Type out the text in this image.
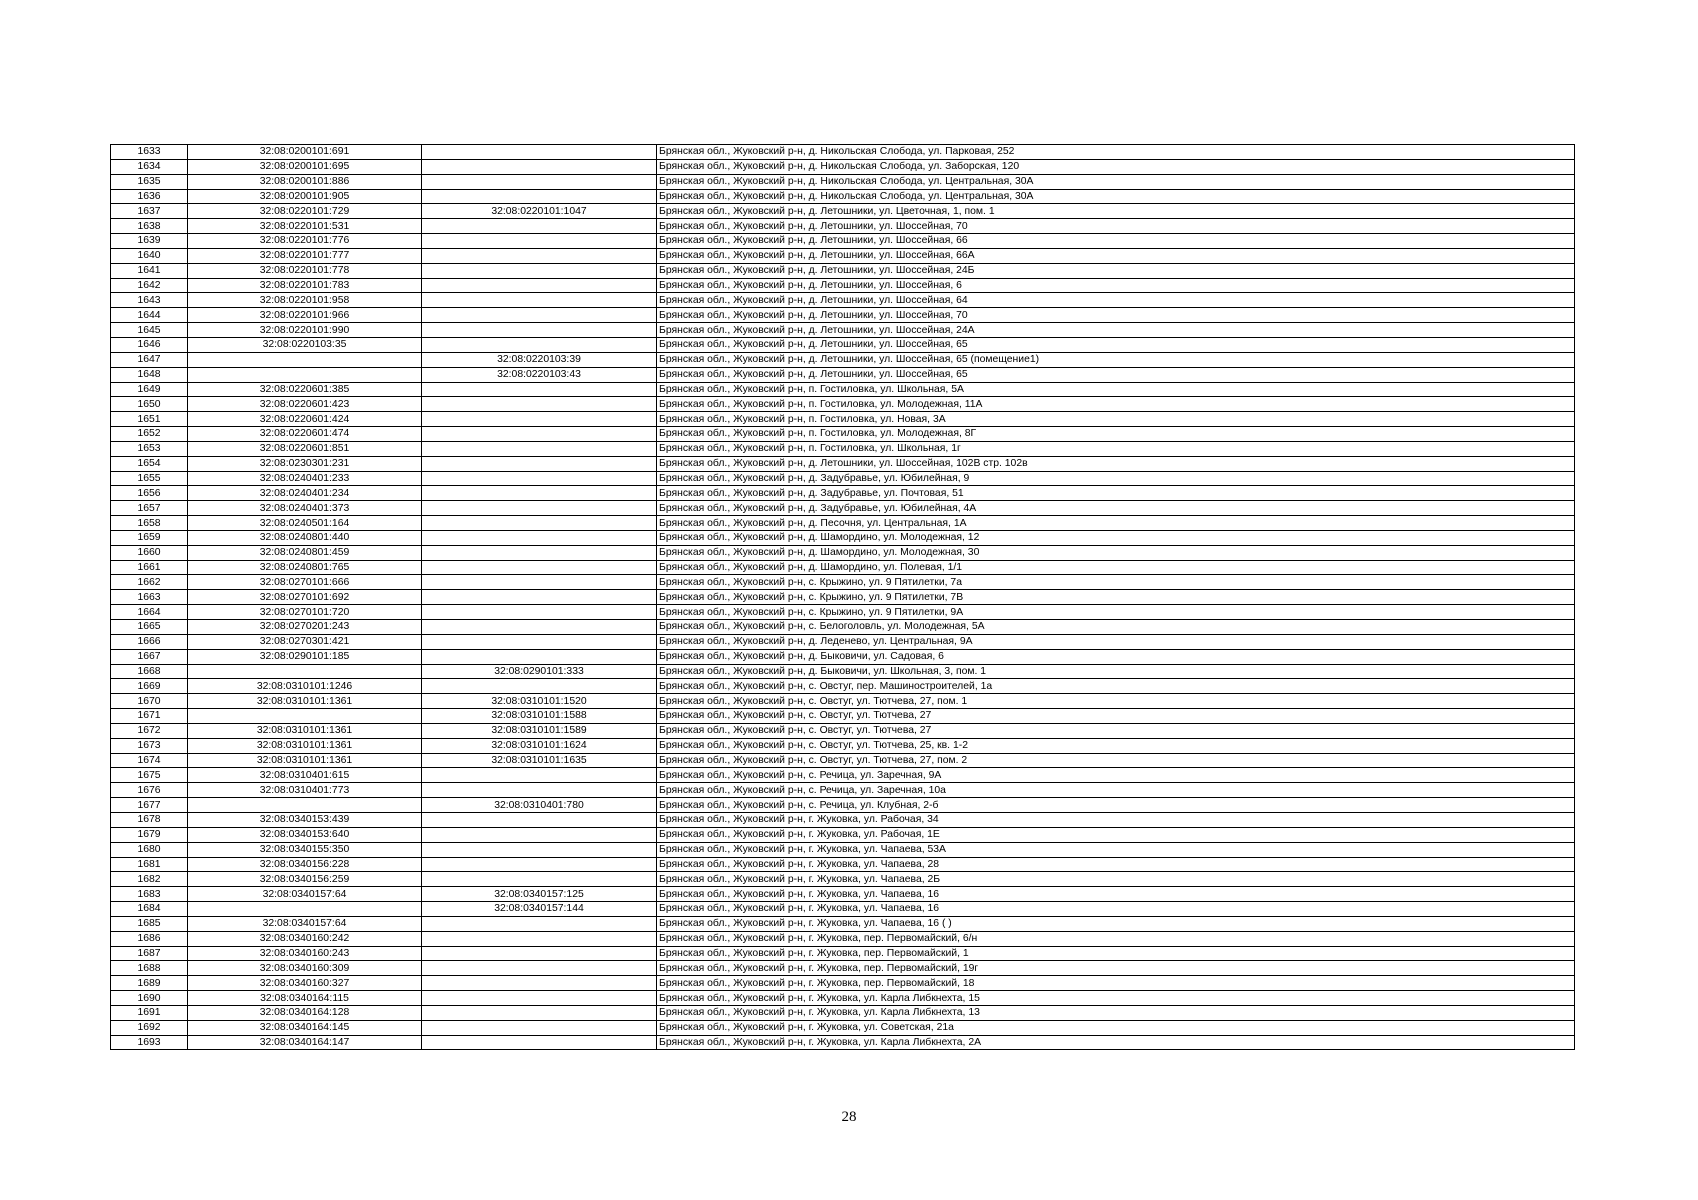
1633	32:08:0200101:691		Брянская обл., Жуковский р-н, д. Никольская Слобода, ул. Парковая, 252
1634	32:08:0200101:695		Брянская обл., Жуковский р-н, д. Никольская Слобода, ул. Заборская, 120
1635	32:08:0200101:886		Брянская обл., Жуковский р-н, д. Никольская Слобода, ул. Центральная, 30А
1636	32:08:0200101:905		Брянская обл., Жуковский р-н, д. Никольская Слобода, ул. Центральная, 30А
1637	32:08:0220101:729	32:08:0220101:1047	Брянская обл., Жуковский р-н, д. Летошники, ул. Цветочная, 1, пом. 1
1638	32:08:0220101:531		Брянская обл., Жуковский р-н, д. Летошники, ул. Шоссейная, 70
1639	32:08:0220101:776		Брянская обл., Жуковский р-н, д. Летошники, ул. Шоссейная, 66
1640	32:08:0220101:777		Брянская обл., Жуковский р-н, д. Летошники, ул. Шоссейная, 66А
1641	32:08:0220101:778		Брянская обл., Жуковский р-н, д. Летошники, ул. Шоссейная, 24Б
1642	32:08:0220101:783		Брянская обл., Жуковский р-н, д. Летошники, ул. Шоссейная, 6
1643	32:08:0220101:958		Брянская обл., Жуковский р-н, д. Летошники, ул. Шоссейная, 64
1644	32:08:0220101:966		Брянская обл., Жуковский р-н, д. Летошники, ул. Шоссейная, 70
1645	32:08:0220101:990		Брянская обл., Жуковский р-н, д. Летошники, ул. Шоссейная, 24А
1646	32:08:0220103:35		Брянская обл., Жуковский р-н, д. Летошники, ул. Шоссейная, 65
1647		32:08:0220103:39	Брянская обл., Жуковский р-н, д. Летошники, ул. Шоссейная, 65 (помещение1)
1648		32:08:0220103:43	Брянская обл., Жуковский р-н, д. Летошники, ул. Шоссейная, 65
1649	32:08:0220601:385		Брянская обл., Жуковский р-н, п. Гостиловка, ул. Школьная, 5А
1650	32:08:0220601:423		Брянская обл., Жуковский р-н, п. Гостиловка, ул. Молодежная, 11А
1651	32:08:0220601:424		Брянская обл., Жуковский р-н, п. Гостиловка, ул. Новая, 3А
1652	32:08:0220601:474		Брянская обл., Жуковский р-н, п. Гостиловка, ул. Молодежная, 8Г
1653	32:08:0220601:851		Брянская обл., Жуковский р-н, п. Гостиловка, ул. Школьная, 1г
1654	32:08:0230301:231		Брянская обл., Жуковский р-н, д. Летошники, ул. Шоссейная, 102В стр. 102в
1655	32:08:0240401:233		Брянская обл., Жуковский р-н, д. Задубравье, ул. Юбилейная, 9
1656	32:08:0240401:234		Брянская обл., Жуковский р-н, д. Задубравье, ул. Почтовая, 51
1657	32:08:0240401:373		Брянская обл., Жуковский р-н, д. Задубравье, ул. Юбилейная, 4А
1658	32:08:0240501:164		Брянская обл., Жуковский р-н, д. Песочня, ул. Центральная, 1А
1659	32:08:0240801:440		Брянская обл., Жуковский р-н, д. Шамордино, ул. Молодежная, 12
1660	32:08:0240801:459		Брянская обл., Жуковский р-н, д. Шамордино, ул. Молодежная, 30
1661	32:08:0240801:765		Брянская обл., Жуковский р-н, д. Шамордино, ул. Полевая, 1/1
1662	32:08:0270101:666		Брянская обл., Жуковский р-н, с. Крыжино, ул. 9 Пятилетки, 7а
1663	32:08:0270101:692		Брянская обл., Жуковский р-н, с. Крыжино, ул. 9 Пятилетки, 7В
1664	32:08:0270101:720		Брянская обл., Жуковский р-н, с. Крыжино, ул. 9 Пятилетки, 9А
1665	32:08:0270201:243		Брянская обл., Жуковский р-н, с. Белоголовль, ул. Молодежная, 5А
1666	32:08:0270301:421		Брянская обл., Жуковский р-н, д. Леденево, ул. Центральная, 9А
1667	32:08:0290101:185		Брянская обл., Жуковский р-н, д. Быковичи, ул. Садовая, 6
1668		32:08:0290101:333	Брянская обл., Жуковский р-н, д. Быковичи, ул. Школьная, 3, пом. 1
1669	32:08:0310101:1246		Брянская обл., Жуковский р-н, с. Овстуг, пер. Машиностроителей, 1а
1670	32:08:0310101:1361	32:08:0310101:1520	Брянская обл., Жуковский р-н, с. Овстуг, ул. Тютчева, 27, пом. 1
1671		32:08:0310101:1588	Брянская обл., Жуковский р-н, с. Овстуг, ул. Тютчева, 27
1672	32:08:0310101:1361	32:08:0310101:1589	Брянская обл., Жуковский р-н, с. Овстуг, ул. Тютчева, 27
1673	32:08:0310101:1361	32:08:0310101:1624	Брянская обл., Жуковский р-н, с. Овстуг, ул. Тютчева, 25, кв. 1-2
1674	32:08:0310101:1361	32:08:0310101:1635	Брянская обл., Жуковский р-н, с. Овстуг, ул. Тютчева, 27, пом. 2
1675	32:08:0310401:615		Брянская обл., Жуковский р-н, с. Речица, ул. Заречная, 9А
1676	32:08:0310401:773		Брянская обл., Жуковский р-н, с. Речица, ул. Заречная, 10а
1677		32:08:0310401:780	Брянская обл., Жуковский р-н, с. Речица, ул. Клубная, 2-б
1678	32:08:0340153:439		Брянская обл., Жуковский р-н, г. Жуковка, ул. Рабочая, 34
1679	32:08:0340153:640		Брянская обл., Жуковский р-н, г. Жуковка, ул. Рабочая, 1Е
1680	32:08:0340155:350		Брянская обл., Жуковский р-н, г. Жуковка, ул. Чапаева, 53А
1681	32:08:0340156:228		Брянская обл., Жуковский р-н, г. Жуковка, ул. Чапаева, 28
1682	32:08:0340156:259		Брянская обл., Жуковский р-н, г. Жуковка, ул. Чапаева, 2Б
1683	32:08:0340157:64	32:08:0340157:125	Брянская обл., Жуковский р-н, г. Жуковка, ул. Чапаева, 16
1684		32:08:0340157:144	Брянская обл., Жуковский р-н, г. Жуковка, ул. Чапаева, 16
1685	32:08:0340157:64		Брянская обл., Жуковский р-н, г. Жуковка, ул. Чапаева, 16 ( )
1686	32:08:0340160:242		Брянская обл., Жуковский р-н, г. Жуковка, пер. Первомайский, 6/н
1687	32:08:0340160:243		Брянская обл., Жуковский р-н, г. Жуковка, пер. Первомайский, 1
1688	32:08:0340160:309		Брянская обл., Жуковский р-н, г. Жуковка, пер. Первомайский, 19г
1689	32:08:0340160:327		Брянская обл., Жуковский р-н, г. Жуковка, пер. Первомайский, 18
1690	32:08:0340164:115		Брянская обл., Жуковский р-н, г. Жуковка, ул. Карла Либкнехта, 15
1691	32:08:0340164:128		Брянская обл., Жуковский р-н, г. Жуковка, ул. Карла Либкнехта, 13
1692	32:08:0340164:145		Брянская обл., Жуковский р-н, г. Жуковка, ул. Советская, 21а
1693	32:08:0340164:147		Брянская обл., Жуковский р-н, г. Жуковка, ул. Карла Либкнехта, 2А
28
